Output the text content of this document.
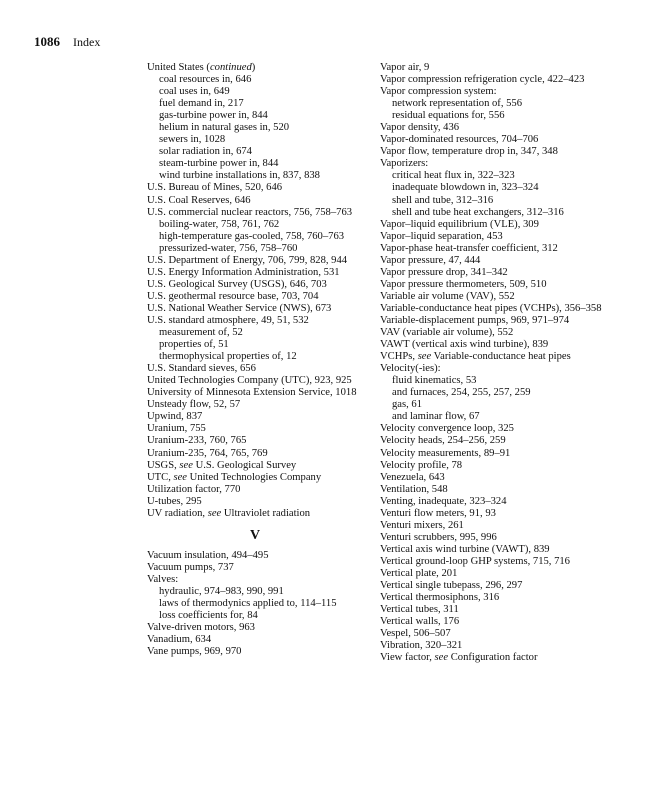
1086 Index
United States (continued)
coal resources in, 646
coal uses in, 649
fuel demand in, 217
gas-turbine power in, 844
helium in natural gases in, 520
sewers in, 1028
solar radiation in, 674
steam-turbine power in, 844
wind turbine installations in, 837, 838
U.S. Bureau of Mines, 520, 646
U.S. Coal Reserves, 646
U.S. commercial nuclear reactors, 756, 758–763
boiling-water, 758, 761, 762
high-temperature gas-cooled, 758, 760–763
pressurized-water, 756, 758–760
U.S. Department of Energy, 706, 799, 828, 944
U.S. Energy Information Administration, 531
U.S. Geological Survey (USGS), 646, 703
U.S. geothermal resource base, 703, 704
U.S. National Weather Service (NWS), 673
U.S. standard atmosphere, 49, 51, 532
measurement of, 52
properties of, 51
thermophysical properties of, 12
U.S. Standard sieves, 656
United Technologies Company (UTC), 923, 925
University of Minnesota Extension Service, 1018
Unsteady flow, 52, 57
Upwind, 837
Uranium, 755
Uranium-233, 760, 765
Uranium-235, 764, 765, 769
USGS, see U.S. Geological Survey
UTC, see United Technologies Company
Utilization factor, 770
U-tubes, 295
UV radiation, see Ultraviolet radiation
V
Vacuum insulation, 494–495
Vacuum pumps, 737
Valves:
hydraulic, 974–983, 990, 991
laws of thermodynics applied to, 114–115
loss coefficients for, 84
Valve-driven motors, 963
Vanadium, 634
Vane pumps, 969, 970
Vapor air, 9
Vapor compression refrigeration cycle, 422–423
Vapor compression system:
network representation of, 556
residual equations for, 556
Vapor density, 436
Vapor-dominated resources, 704–706
Vapor flow, temperature drop in, 347, 348
Vaporizers:
critical heat flux in, 322–323
inadequate blowdown in, 323–324
shell and tube, 312–316
shell and tube heat exchangers, 312–316
Vapor–liquid equilibrium (VLE), 309
Vapor–liquid separation, 453
Vapor-phase heat-transfer coefficient, 312
Vapor pressure, 47, 444
Vapor pressure drop, 341–342
Vapor pressure thermometers, 509, 510
Variable air volume (VAV), 552
Variable-conductance heat pipes (VCHPs), 356–358
Variable-displacement pumps, 969, 971–974
VAV (variable air volume), 552
VAWT (vertical axis wind turbine), 839
VCHPs, see Variable-conductance heat pipes
Velocity(-ies):
fluid kinematics, 53
and furnaces, 254, 255, 257, 259
gas, 61
and laminar flow, 67
Velocity convergence loop, 325
Velocity heads, 254–256, 259
Velocity measurements, 89–91
Velocity profile, 78
Venezuela, 643
Ventilation, 548
Venting, inadequate, 323–324
Venturi flow meters, 91, 93
Venturi mixers, 261
Venturi scrubbers, 995, 996
Vertical axis wind turbine (VAWT), 839
Vertical ground-loop GHP systems, 715, 716
Vertical plate, 201
Vertical single tubepass, 296, 297
Vertical thermosiphons, 316
Vertical tubes, 311
Vertical walls, 176
Vespel, 506–507
Vibration, 320–321
View factor, see Configuration factor
